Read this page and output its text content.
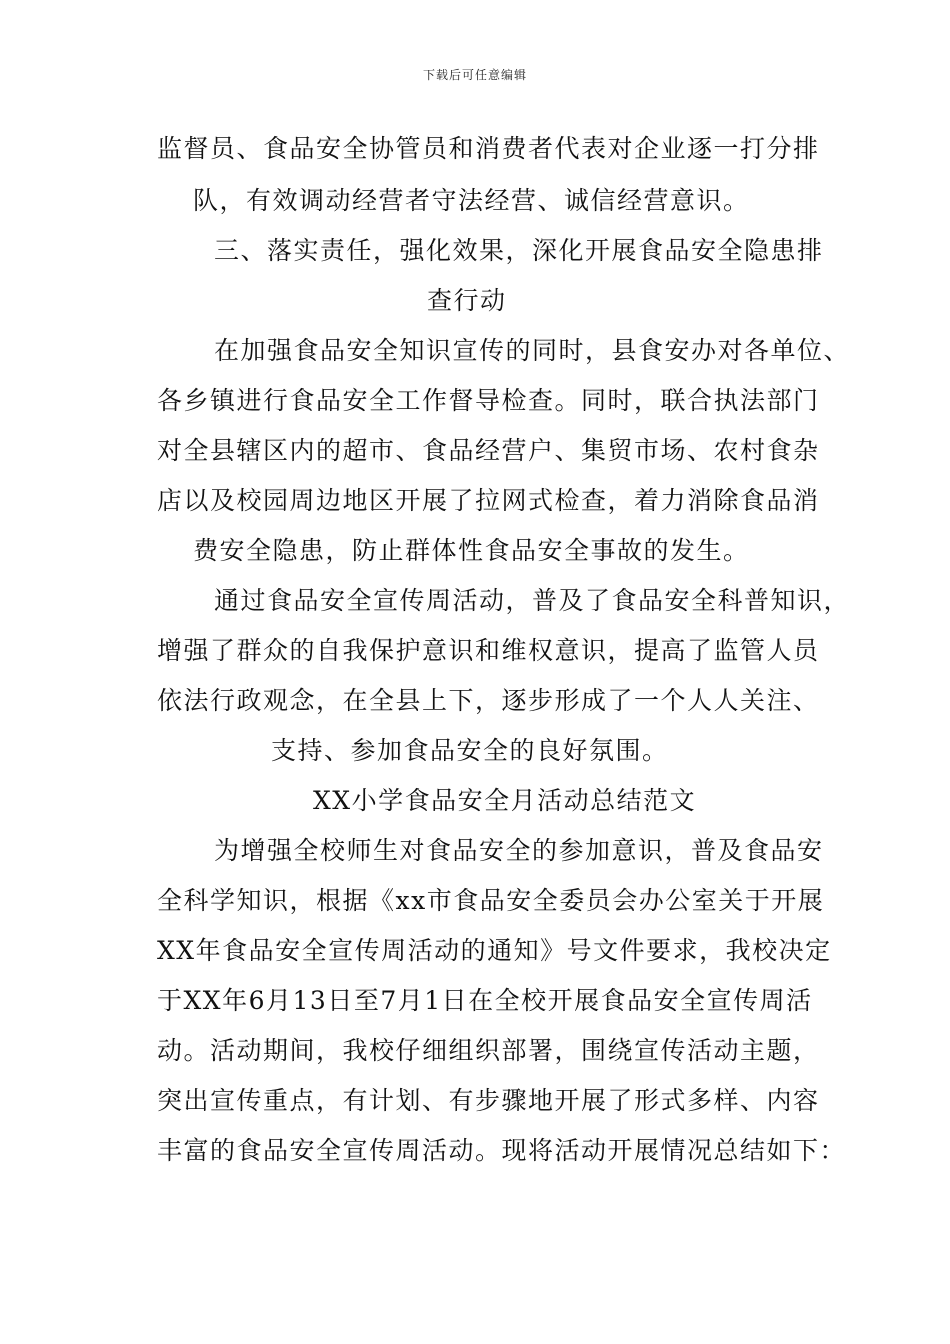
下载后可任意编辑
监督员、食品安全协管员和消费者代表对企业逐一打分排
队，有效调动经营者守法经营、诚信经营意识。
三、落实责任，强化效果，深化开展食品安全隐患排
查行动
在加强食品安全知识宣传的同时，县食安办对各单位、
各乡镇进行食品安全工作督导检查。同时，联合执法部门
对全县辖区内的超市、食品经营户、集贸市场、农村食杂
店以及校园周边地区开展了拉网式检查，着力消除食品消
费安全隐患，防止群体性食品安全事故的发生。
通过食品安全宣传周活动，普及了食品安全科普知识，
增强了群众的自我保护意识和维权意识，提高了监管人员
依法行政观念，在全县上下，逐步形成了一个人人关注、
支持、参加食品安全的良好氛围。
XX小学食品安全月活动总结范文
为增强全校师生对食品安全的参加意识，普及食品安
全科学知识，根据《xx市食品安全委员会办公室关于开展
XX年食品安全宣传周活动的通知》号文件要求，我校决定
于XX年6月13日至7月1日在全校开展食品安全宣传周活
动。活动期间，我校仔细组织部署，围绕宣传活动主题，
突出宣传重点，有计划、有步骤地开展了形式多样、内容
丰富的食品安全宣传周活动。现将活动开展情况总结如下：
